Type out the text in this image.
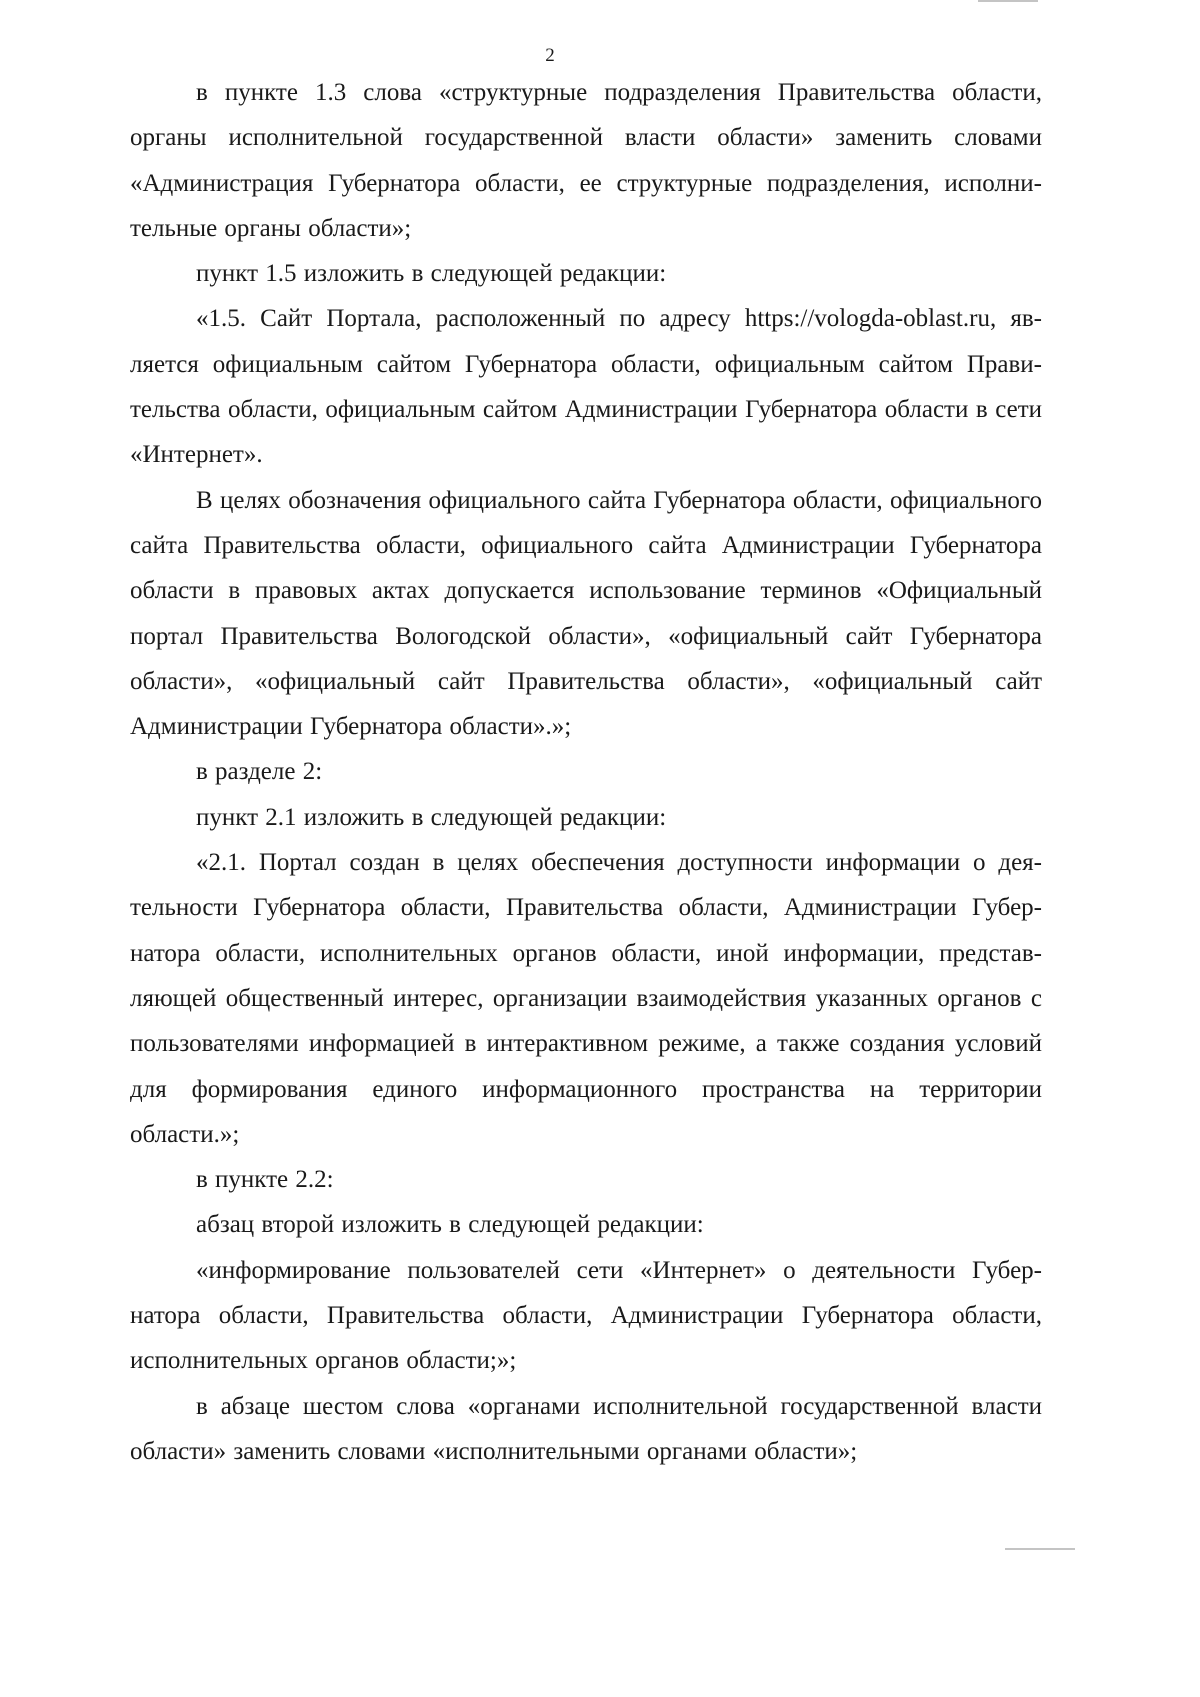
2

в пункте 1.3 слова «структурные подразделения Правительства области, органы исполнительной государственной власти области» заменить словами «Администрация Губернатора области, ее структурные подразделения, исполнительные органы области»;

пункт 1.5 изложить в следующей редакции:

«1.5. Сайт Портала, расположенный по адресу https://vologda-oblast.ru, является официальным сайтом Губернатора области, официальным сайтом Правительства области, официальным сайтом Администрации Губернатора области в сети «Интернет».

В целях обозначения официального сайта Губернатора области, официального сайта Правительства области, официального сайта Администрации Губернатора области в правовых актах допускается использование терминов «Официальный портал Правительства Вологодской области», «официальный сайт Губернатора области», «официальный сайт Правительства области», «официальный сайт Администрации Губернатора области».»;

в разделе 2:

пункт 2.1 изложить в следующей редакции:

«2.1. Портал создан в целях обеспечения доступности информации о деятельности Губернатора области, Правительства области, Администрации Губернатора области, исполнительных органов области, иной информации, представляющей общественный интерес, организации взаимодействия указанных органов с пользователями информацией в интерактивном режиме, а также создания условий для формирования единого информационного пространства на территории области.»;

в пункте 2.2:

абзац второй изложить в следующей редакции:

«информирование пользователей сети «Интернет» о деятельности Губернатора области, Правительства области, Администрации Губернатора области, исполнительных органов области;»;

в абзаце шестом слова «органами исполнительной государственной власти области» заменить словами «исполнительными органами области»;
